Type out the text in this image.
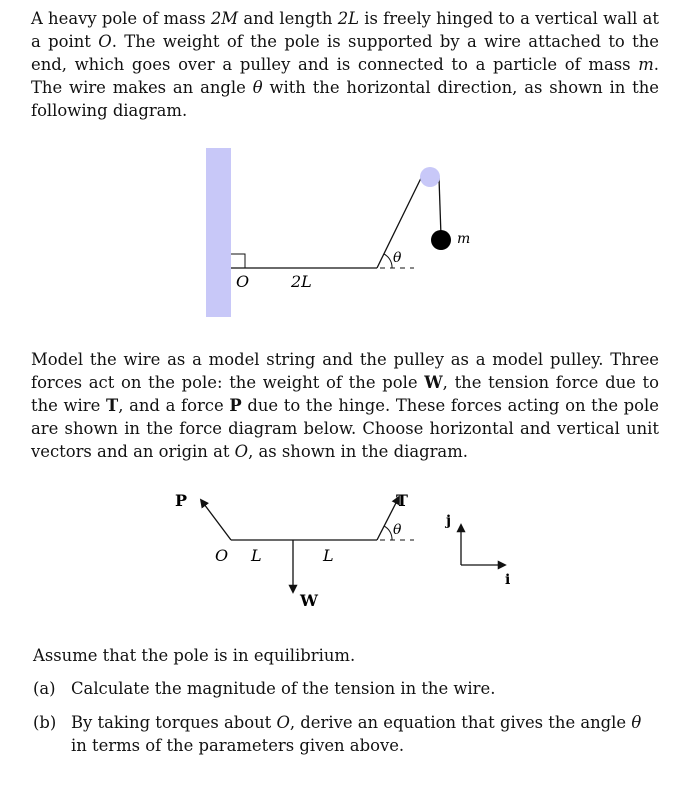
A heavy pole of mass 2M and length 2L is freely hinged to a vertical wall at a point O. The weight of the pole is supported by a wire attached to the end, which goes over a pulley and is connected to a particle of mass m. The wire makes an angle θ with the horizontal direction, as shown in the following diagram.
θ
O	2L
m
Model the wire as a model string and the pulley as a model pulley. Three forces act on the pole: the weight of the pole W, the tension force due to the wire T, and a force P due to the hinge. These forces acting on the pole are shown in the force diagram below. Choose horizontal and vertical unit vectors and an origin at O, as shown in the diagram.
P	T
θ
O L	L
W
j
i
Assume that the pole is in equilibrium.
(a) Calculate the magnitude of the tension in the wire.
(b) By taking torques about O, derive an equation that gives the angle θ in terms of the parameters given above.
